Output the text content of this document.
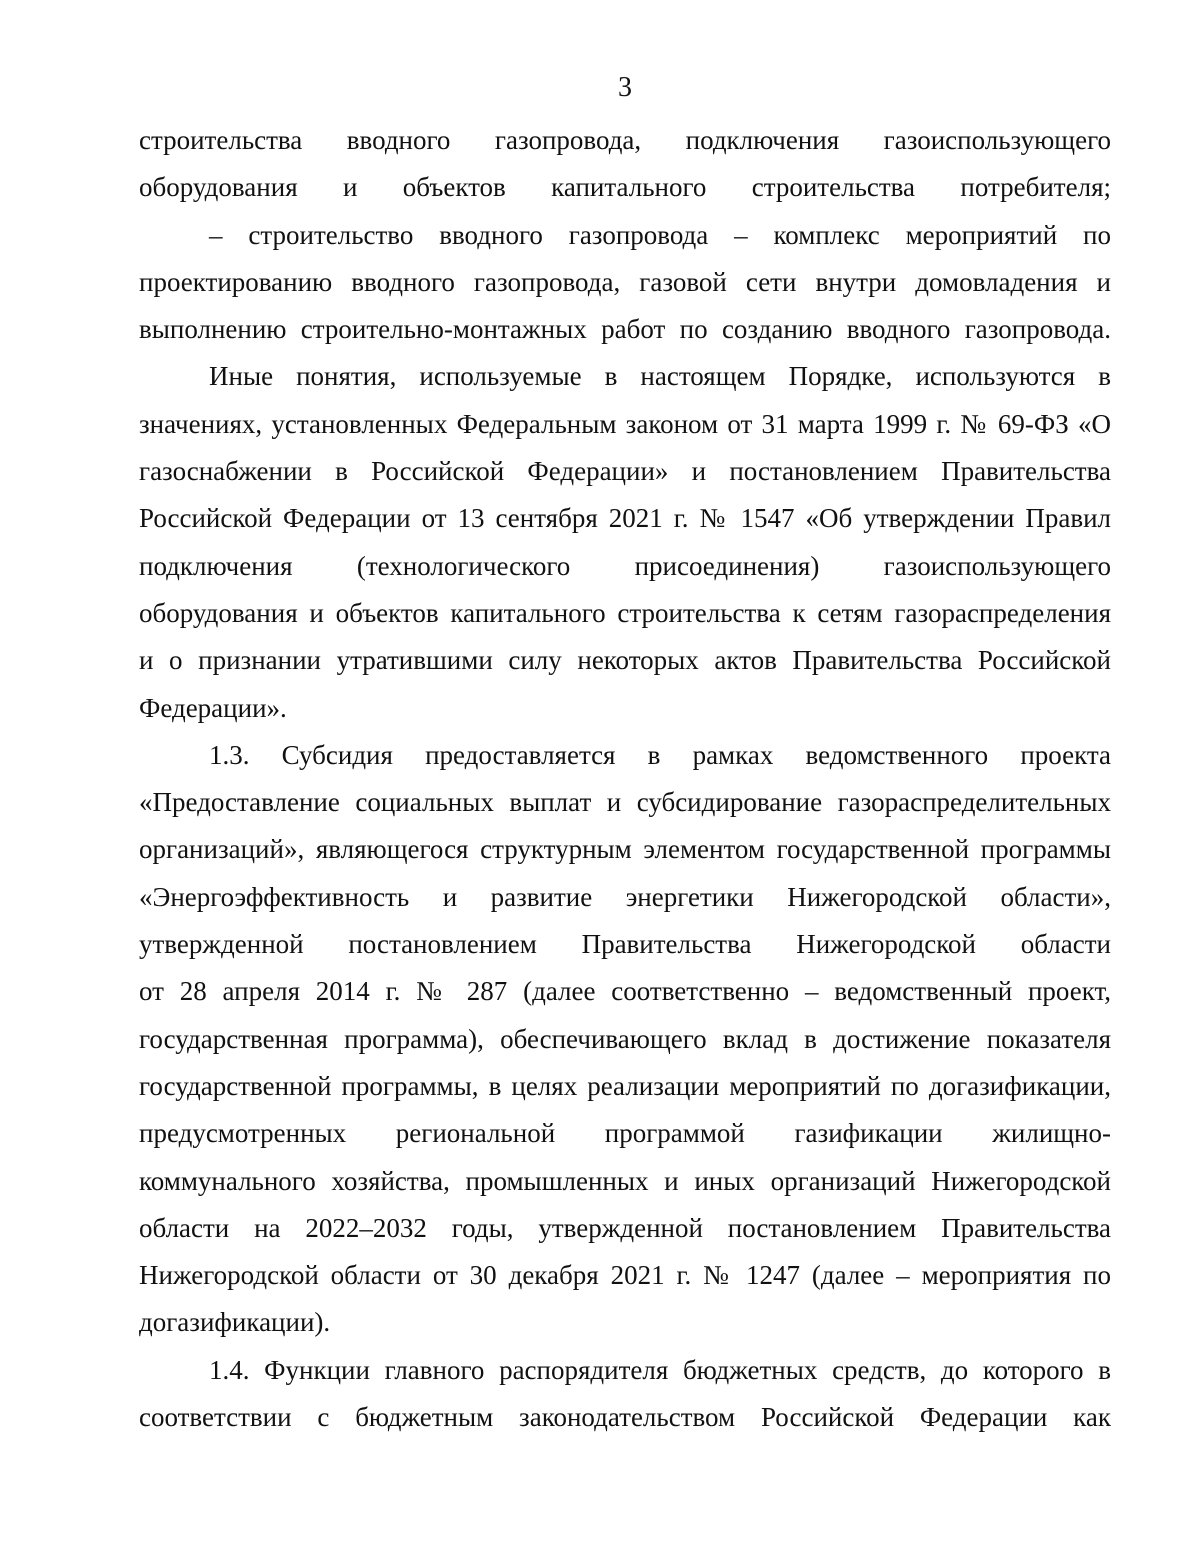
3
строительства вводного газопровода, подключения газоиспользующего
оборудования и объектов капитального строительства потребителя;
– строительство вводного газопровода – комплекс мероприятий по
проектированию вводного газопровода, газовой сети внутри домовладения и
выполнению строительно-монтажных работ по созданию вводного газопровода.
Иные понятия, используемые в настоящем Порядке, используются в
значениях, установленных Федеральным законом от 31 марта 1999 г. № 69-ФЗ «О
газоснабжении в Российской Федерации» и постановлением Правительства
Российской Федерации от 13 сентября 2021 г. № 1547 «Об утверждении Правил
подключения (технологического присоединения) газоиспользующего
оборудования и объектов капитального строительства к сетям газораспределения
и о признании утратившими силу некоторых актов Правительства Российской
Федерации».
1.3. Субсидия предоставляется в рамках ведомственного проекта
«Предоставление социальных выплат и субсидирование газораспределительных
организаций», являющегося структурным элементом государственной программы
«Энергоэффективность и развитие энергетики Нижегородской области»,
утвержденной постановлением Правительства Нижегородской области
от 28 апреля 2014 г. № 287 (далее соответственно – ведомственный проект,
государственная программа), обеспечивающего вклад в достижение показателя
государственной программы, в целях реализации мероприятий по догазификации,
предусмотренных региональной программой газификации жилищно-
коммунального хозяйства, промышленных и иных организаций Нижегородской
области на 2022–2032 годы, утвержденной постановлением Правительства
Нижегородской области от 30 декабря 2021 г. № 1247 (далее – мероприятия по
догазификации).
1.4. Функции главного распорядителя бюджетных средств, до которого в
соответствии с бюджетным законодательством Российской Федерации как
